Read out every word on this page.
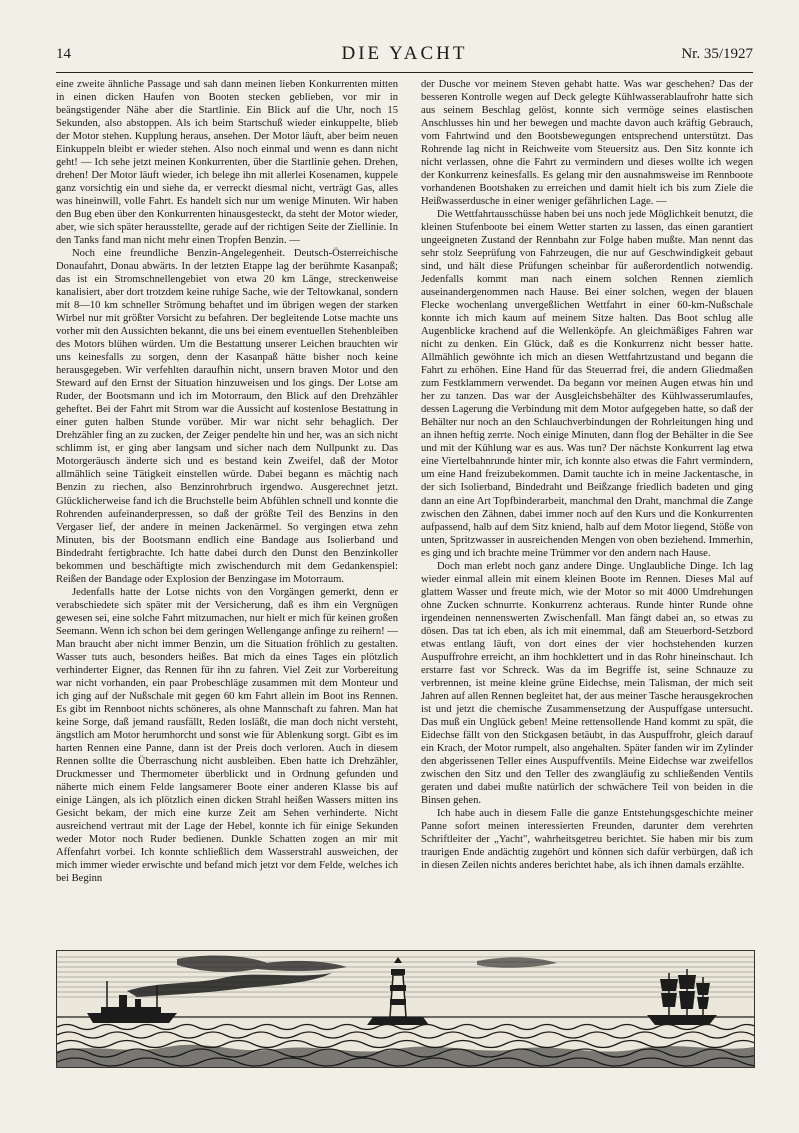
14	DIE YACHT	Nr. 35/1927

eine zweite ähnliche Passage und sah dann meinen lieben Konkurrenten mitten in einen dicken Haufen von Booten stecken geblieben, vor mir in beängstigender Nähe aber die Startlinie. Ein Blick auf die Uhr, noch 15 Sekunden, also abstoppen. Als ich beim Startschuß wieder einkuppelte, blieb der Motor stehen. Kupplung heraus, ansehen. Der Motor läuft, aber beim neuen Einkuppeln bleibt er wieder stehen. Also noch einmal und wenn es dann nicht geht! — Ich sehe jetzt meinen Konkurrenten, über die Startlinie gehen. Drehen, drehen! Der Motor läuft wieder, ich belege ihn mit allerlei Kosenamen, kuppele ganz vorsichtig ein und siehe da, er verreckt diesmal nicht, verträgt Gas, alles was hineinwill, volle Fahrt. Es handelt sich nur um wenige Minuten. Wir haben den Bug eben über den Konkurrenten hinausgesteckt, da steht der Motor wieder, aber, wie sich später herausstellte, gerade auf der richtigen Seite der Ziellinie. In den Tanks fand man nicht mehr einen Tropfen Benzin. —

Noch eine freundliche Benzin-Angelegenheit. Deutsch-Österreichische Donaufahrt, Donau abwärts. In der letzten Etappe lag der berühmte Kasanpaß; das ist ein Stromschnellengebiet von etwa 20 km Länge, streckenweise kanalisiert, aber dort trotzdem keine ruhige Sache, wie der Teltowkanal, sondern mit 8—10 km schneller Strömung behaftet und im übrigen wegen der starken Wirbel nur mit größter Vorsicht zu befahren. Der begleitende Lotse machte uns vorher mit den Aussichten bekannt, die uns bei einem eventuellen Stehenbleiben des Motors blühen würden. Um die Bestattung unserer Leichen brauchten wir uns keinesfalls zu sorgen, denn der Kasanpaß hätte bisher noch keine herausgegeben. Wir verfehlten daraufhin nicht, unsern braven Motor und den Steward auf den Ernst der Situation hinzuweisen und los gings. Der Lotse am Ruder, der Bootsmann und ich im Motorraum, den Blick auf den Drehzähler geheftet. Bei der Fahrt mit Strom war die Aussicht auf kostenlose Bestattung in einer guten halben Stunde vorüber. Mir war nicht sehr behaglich. Der Drehzähler fing an zu zucken, der Zeiger pendelte hin und her, was an sich nicht schlimm ist, er ging aber langsam und sicher nach dem Nullpunkt zu. Das Motorgeräusch änderte sich und es bestand kein Zweifel, daß der Motor allmählich seine Tätigkeit einstellen würde. Dabei begann es mächtig nach Benzin zu riechen, also Benzinrohrbruch irgendwo. Ausgerechnet jetzt. Glücklicherweise fand ich die Bruchstelle beim Abfühlen schnell und konnte die Rohrenden aufeinanderpressen, so daß der größte Teil des Benzins in den Vergaser lief, der andere in meinen Jackenärmel. So vergingen etwa zehn Minuten, bis der Bootsmann endlich eine Bandage aus Isolierband und Bindedraht fertigbrachte. Ich hatte dabei durch den Dunst den Benzinkoller bekommen und beschäftigte mich zwischendurch mit dem Gedankenspiel: Reißen der Bandage oder Explosion der Benzingase im Motorraum.

Jedenfalls hatte der Lotse nichts von den Vorgängen gemerkt, denn er verabschiedete sich später mit der Versicherung, daß es ihm ein Vergnügen gewesen sei, eine solche Fahrt mitzumachen, nur hielt er mich für keinen großen Seemann. Wenn ich schon bei dem geringen Wellengange anfinge zu reihern! — Man braucht aber nicht immer Benzin, um die Situation fröhlich zu gestalten. Wasser tuts auch, besonders heißes. Bat mich da eines Tages ein plötzlich verhinderter Eigner, das Rennen für ihn zu fahren. Viel Zeit zur Vorbereitung war nicht vorhanden, ein paar Probeschläge zusammen mit dem Monteur und ich ging auf der Nußschale mit gegen 60 km Fahrt allein im Boot ins Rennen. Es gibt im Rennboot nichts schöneres, als ohne Mannschaft zu fahren. Man hat keine Sorge, daß jemand rausfällt, Reden losläßt, die man doch nicht versteht, ängstlich am Motor herumhorcht und sonst wie für Ablenkung sorgt. Gibt es im harten Rennen eine Panne, dann ist der Preis doch verloren. Auch in diesem Rennen sollte die Überraschung nicht ausbleiben. Eben hatte ich Drehzähler, Druckmesser und Thermometer überblickt und in Ordnung gefunden und näherte mich einem Felde langsamerer Boote einer anderen Klasse bis auf einige Längen, als ich plötzlich einen dicken Strahl heißen Wassers mitten ins Gesicht bekam, der mich eine kurze Zeit am Sehen verhinderte. Nicht ausreichend vertraut mit der Lage der Hebel, konnte ich für einige Sekunden weder Motor noch Ruder bedienen. Dunkle Schatten zogen an mir mit Affenfahrt vorbei. Ich konnte schließlich dem Wasserstrahl ausweichen, der mich immer wieder erwischte und befand mich jetzt vor dem Felde, welches ich bei Beginn

der Dusche vor meinem Steven gehabt hatte. Was war geschehen? Das der besseren Kontrolle wegen auf Deck gelegte Kühlwasserablaufrohr hatte sich aus seinem Beschlag gelöst, konnte sich vermöge seines elastischen Anschlusses hin und her bewegen und machte davon auch kräftig Gebrauch, vom Fahrtwind und den Bootsbewegungen entsprechend unterstützt. Das Rohrende lag nicht in Reichweite vom Steuersitz aus. Den Sitz konnte ich nicht verlassen, ohne die Fahrt zu vermindern und dieses wollte ich wegen der Konkurrenz keinesfalls. Es gelang mir den ausnahmsweise im Rennboote vorhandenen Bootshaken zu erreichen und damit hielt ich bis zum Ziele die Heißwasserdusche in einer weniger gefährlichen Lage. —

Die Wettfahrtausschüsse haben bei uns noch jede Möglichkeit benutzt, die kleinen Stufenboote bei einem Wetter starten zu lassen, das einen garantiert ungeeigneten Zustand der Rennbahn zur Folge haben mußte. Man nennt das sehr stolz Seeprüfung von Fahrzeugen, die nur auf Geschwindigkeit gebaut sind, und hält diese Prüfungen scheinbar für außerordentlich notwendig. Jedenfalls kommt man nach einem solchen Rennen ziemlich auseinandergenommen nach Hause. Bei einer solchen, wegen der blauen Flecke wochenlang unvergeßlichen Wettfahrt in einer 60-km-Nußschale konnte ich mich kaum auf meinem Sitze halten. Das Boot schlug alle Augenblicke krachend auf die Wellenköpfe. An gleichmäßiges Fahren war nicht zu denken. Ein Glück, daß es die Konkurrenz nicht besser hatte. Allmählich gewöhnte ich mich an diesen Wettfahrtzustand und begann die Fahrt zu erhöhen. Eine Hand für das Steuerrad frei, die andern Gliedmaßen zum Festklammern verwendet. Da begann vor meinen Augen etwas hin und her zu tanzen. Das war der Ausgleichsbehälter des Kühlwasserumlaufes, dessen Lagerung die Verbindung mit dem Motor aufgegeben hatte, so daß der Behälter nur noch an den Schlauchverbindungen der Rohrleitungen hing und an ihnen heftig zerrte. Noch einige Minuten, dann flog der Behälter in die See und mit der Kühlung war es aus. Was tun? Der nächste Konkurrent lag etwa eine Viertelbahnrunde hinter mir, ich konnte also etwas die Fahrt vermindern, um eine Hand freizubekommen. Damit tauchte ich in meine Jackentasche, in der sich Isolierband, Bindedraht und Beißzange friedlich badeten und ging dann an eine Art Topfbinderarbeit, manchmal den Draht, manchmal die Zange zwischen den Zähnen, dabei immer noch auf den Kurs und die Konkurrenten aufpassend, halb auf dem Sitz kniend, halb auf dem Motor liegend, Stöße von unten, Spritzwasser in ausreichenden Mengen von oben beziehend. Immerhin, es ging und ich brachte meine Trümmer vor den andern nach Hause.

Doch man erlebt noch ganz andere Dinge. Unglaubliche Dinge. Ich lag wieder einmal allein mit einem kleinen Boote im Rennen. Dieses Mal auf glattem Wasser und freute mich, wie der Motor so mit 4000 Umdrehungen ohne Zucken schnurrte. Konkurrenz achteraus. Runde hinter Runde ohne irgendeinen nennenswerten Zwischenfall. Man fängt dabei an, so etwas zu dösen. Das tat ich eben, als ich mit einemmal, daß am Steuerbord-Setzbord etwas entlang läuft, von dort eines der vier hochstehenden kurzen Auspuffrohre erreicht, an ihm hochklettert und in das Rohr hineinschaut. Ich erstarre fast vor Schreck. Was da im Begriffe ist, seine Schnauze zu verbrennen, ist meine kleine grüne Eidechse, mein Talisman, der mich seit Jahren auf allen Rennen begleitet hat, der aus meiner Tasche herausgekrochen ist und jetzt die chemische Zusammensetzung der Auspuffgase untersucht. Das muß ein Unglück geben! Meine rettensollende Hand kommt zu spät, die Eidechse fällt von den Stickgasen betäubt, in das Auspuffrohr, gleich darauf ein Krach, der Motor rumpelt, also angehalten. Später fanden wir im Zylinder den abgerissenen Teller eines Auspuffventils. Meine Eidechse war zweifellos zwischen den Sitz und den Teller des zwangläufig zu schließenden Ventils geraten und dabei mußte natürlich der schwächere Teil von beiden in die Binsen gehen.

Ich habe auch in diesem Falle die ganze Entstehungsgeschichte meiner Panne sofort meinen interessierten Freunden, darunter dem verehrten Schriftleiter der „Yacht", wahrheitsgetreu berichtet. Sie haben mir bis zum traurigen Ende andächtig zugehört und können sich dafür verbürgen, daß ich in diesen Zeilen nichts anderes berichtet habe, als ich ihnen damals erzählte.
